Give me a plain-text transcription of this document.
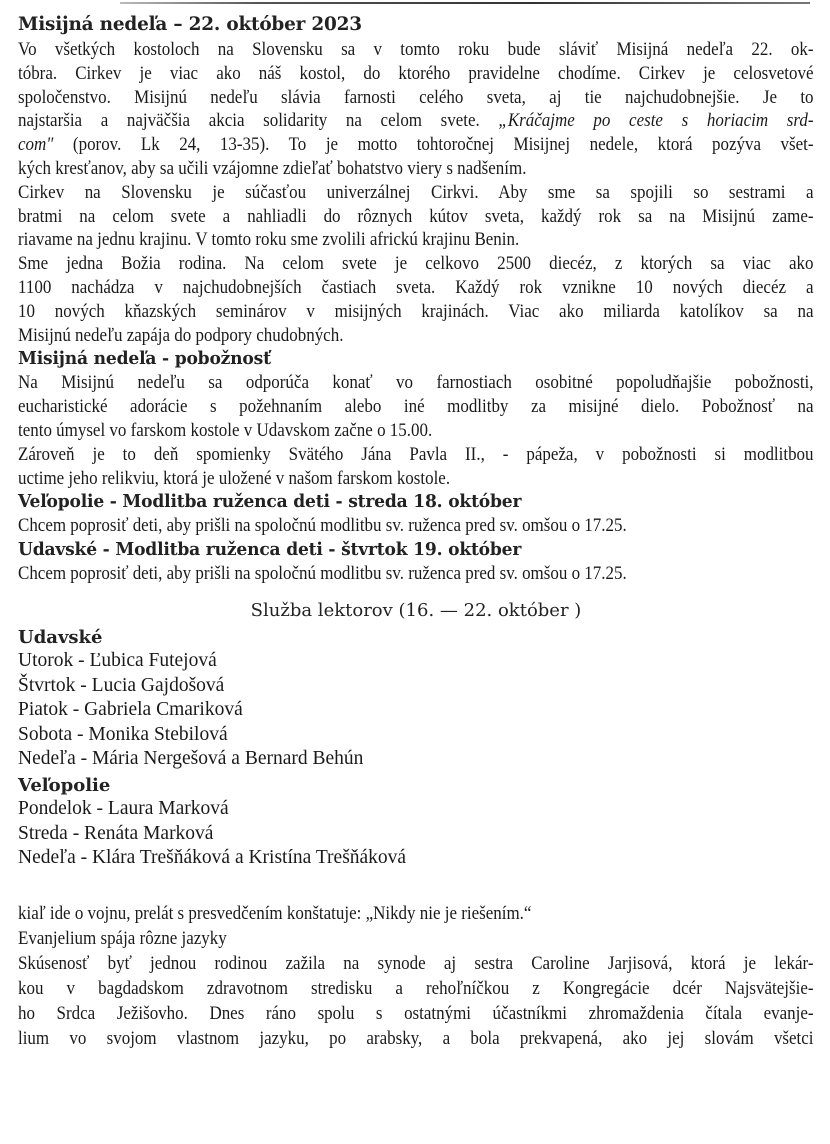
Misijná nedeľa – 22. október 2023
Vo všetkých kostoloch na Slovensku sa v tomto roku bude sláviť Misijná nedeľa 22. ok-
tóbra. Cirkev je viac ako náš kostol, do ktorého pravidelne chodíme. Cirkev je celosvetové
spoločenstvo. Misijnú nedeľu slávia farnosti celého sveta, aj tie najchudobnejšie. Je to
najstaršia a najväčšia akcia solidarity na celom svete. „Kráčajme po ceste s horiacim srd-
com" (porov. Lk 24, 13-35). To je motto tohtoročnej Misijnej nedele, ktorá pozýva všet-
kých kresťanov, aby sa učili vzájomne zdieľať bohatstvo viery s nadšením.
Cirkev na Slovensku je súčasťou univerzálnej Cirkvi. Aby sme sa spojili so sestrami a
bratmi na celom svete a nahliadli do rôznych kútov sveta, každý rok sa na Misijnú zame-
riavame na jednu krajinu. V tomto roku sme zvolili africkú krajinu Benin.
Sme jedna Božia rodina. Na celom svete je celkovo 2500 diecéz, z ktorých sa viac ako
1100 nachádza v najchudobnejších častiach sveta. Každý rok vznikne 10 nových diecéz a
10 nových kňazských seminárov v misijných krajinách. Viac ako miliarda katolíkov sa na
Misijnú nedeľu zapája do podpory chudobných.
Misijná nedeľa - pobožnosť
Na Misijnú nedeľu sa odporúča konať vo farnostiach osobitné popoludňajšie pobožnosti,
eucharistické adorácie s požehnaním alebo iné modlitby za misijné dielo. Pobožnosť na
tento úmysel vo farskom kostole v Udavskom začne o 15.00.
Zároveň je to deň spomienky Svätého Jána Pavla II., - pápeža, v pobožnosti si modlitbou
uctime jeho relikviu, ktorá je uložené v našom farskom kostole.
Veľopolie - Modlitba ruženca deti - streda 18. október
Chcem poprosiť deti, aby prišli na spoločnú modlitbu sv. ruženca pred sv. omšou o 17.25.
Udavské - Modlitba ruženca deti - štvrtok 19. október
Chcem poprosiť deti, aby prišli na spoločnú modlitbu sv. ruženca pred sv. omšou o 17.25.
Služba lektorov (16. — 22. október )
Udavské
Utorok - Ľubica Futejová
Štvrtok - Lucia Gajdošová
Piatok - Gabriela Cmariková
Sobota - Monika Stebilová
Nedeľa - Mária Nergešová a Bernard Behún
Veľopolie
Pondelok - Laura Marková
Streda - Renáta Marková
Nedeľa - Klára Trešňáková a Kristína Trešňáková
kiaľ ide o vojnu, prelát s presvedčením konštatuje: „Nikdy nie je riešením.“
Evanjelium spája rôzne jazyky
Skúsenosť byť jednou rodinou zažila na synode aj sestra Caroline Jarjisová, ktorá je lekár-
kou v bagdadskom zdravotnom stredisku a rehoľníčkou z Kongregácie dcér Najsvätejšie-
ho Srdca Ježišovho. Dnes ráno spolu s ostatnými účastníkmi zhromaždenia čítala evanje-
lium vo svojom vlastnom jazyku, po arabsky, a bola prekvapená, ako jej slovám všetci
